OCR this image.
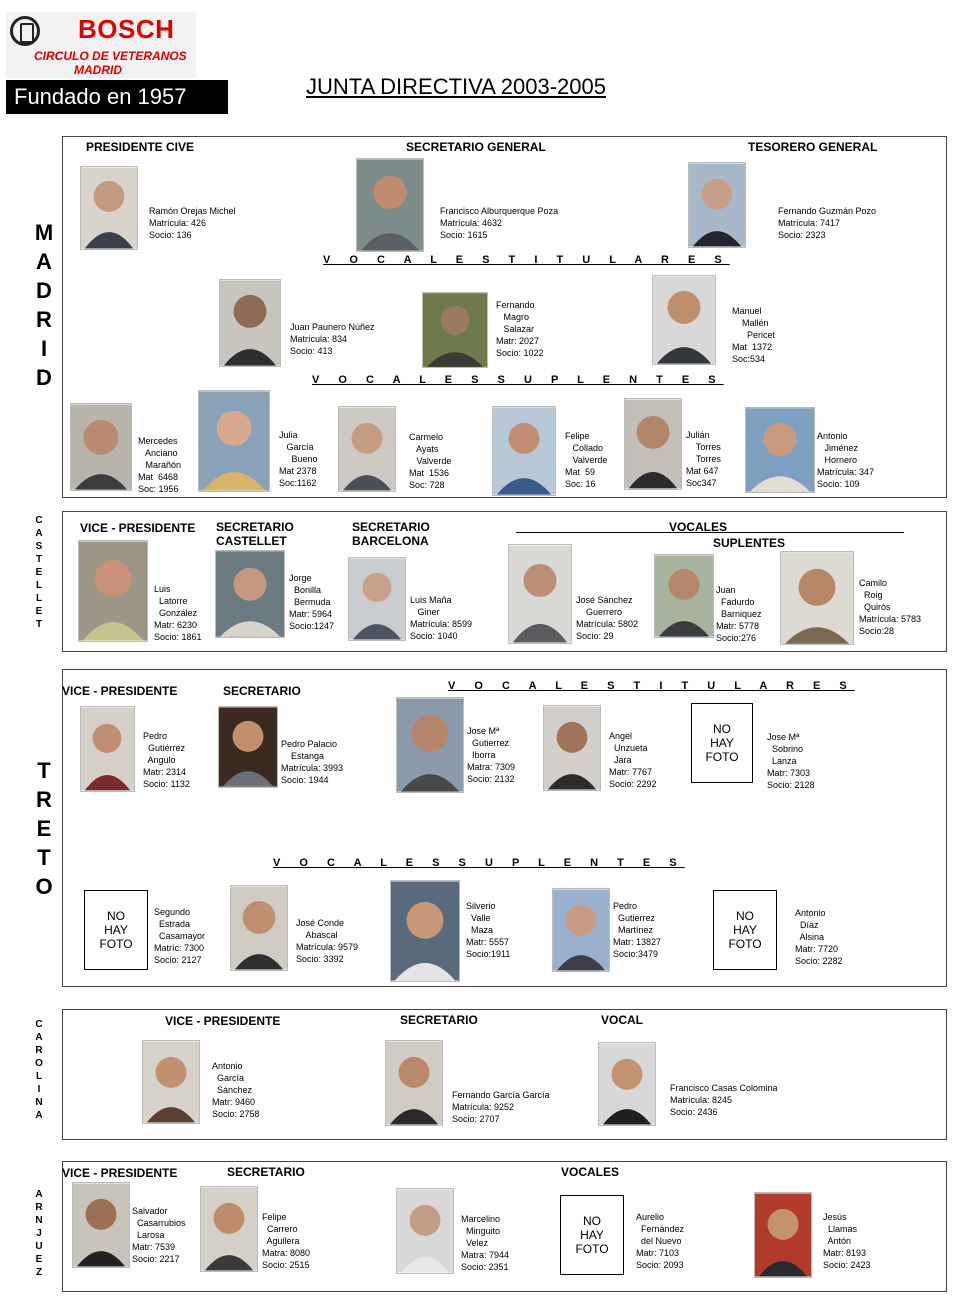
BOSCH
CIRCULO DE VETERANOS
MADRID
Fundado en 1957	JUNTA DIRECTIVA 2003-2005
M
A
D
R
I
D
PRESIDENTE CIVE	SECRETARIO GENERAL	TESORERO GENERAL
Ramón Orejas Michel
Matrícula: 426
Socio: 136
Francisco Alburquerque Poza
Matrícula: 4632
Socio: 1615
Fernando Guzmán Pozo
Matrícula: 7417
Socio: 2323
V O C A L E S T I T U L A R E S
Juan Paunero Núñez
Matrícula: 834
Socio: 413
Fernando
Magro
Salazar
Matr: 2027
Socio: 1022
Manuel
Mallén
Pericet
Mat  1372
Soc:534
V O C A L E S S U P L E N T E S
Mercedes
Anciano
Marañón
Mat  6468
Soc: 1956
Julia
García
Bueno
Mat 2378
Soc:1162
Carmelo
Ayats
Valverde
Mat  1536
Soc: 728
Felipe
Collado
Valverde
Mat  59
Soc: 16
Julián
Torres
Torres
Mat 647
Soc347
Antonio
Jiménez
Hornero
Matrícula: 347
Socio: 109
C
A
S
T
E
L
L
E
T
VICE - PRESIDENTE SECRETARIO
CASTELLET
SECRETARIO
BARCELONA
VOCALES
SUPLENTES
Luis
Latorre
González
Matr: 6230
Socio: 1861
Jorge
Bonilla
Bermuda
Matr: 5964
Socio:1247
Luis Maña
Giner
Matrícula: 8599
Socio: 1040
José Sánchez
Guerrero
Matrícula: 5802
Socio: 29
Juan
Fadurdo
Barniquez
Matr: 5778
Socio:276
Camilo
Roig
Quirós
Matrícula: 5783
Socio:28
T
R
E
T
O
VICE - PRESIDENTE	SECRETARIO	V O C A L E S T I T U L A R E S
Pedro
Gutiérrez
Angulo
Matr: 2314
Socio: 1132
Pedro Palacio
Estanga
Matrícula: 3993
Socio: 1944
Jose Mª
Gutierrez
Iborra
Matra: 7309
Socio: 2132
Angel
Unzueta
Jara
Matr: 7767
Socio: 2292
NO
HAY
FOTO
Jose Mª
Sobrino
Lanza
Matr: 7303
Socio: 2128
V O C A L E S S U P L E N T E S
NO
HAY
FOTO
Segundo
Estrada
Casamayor
Matríc: 7300
Socio: 2127
José Conde
Abascal
Matrícula: 9579
Socio: 3392
Silverio
Valle
Maza
Matr: 5557
Socio:1911
Pedro
Gutierrez
Martínez
Matr: 13827
Socio:3479
NO
HAY
FOTO
Antonio
Díaz
Alsina
Matr: 7720
Socio: 2282
C
A
R
O
L
I
N
A
VICE - PRESIDENTE	SECRETARIO	VOCAL
Antonio
García
Sánchez
Matr: 9460
Socio: 2758
Fernando García García
Matrícula: 9252
Socio: 2707
Francisco Casas Colomina
Matrícula: 8245
Socio: 2436
A
R
N
J
U
E
Z
VICE - PRESIDENTE	SECRETARIO	VOCALES
Salvador
Casarrubios
Larosa
Matr: 7539
Socio: 2217
Felipe
Carrero
Aguilera
Matra: 8080
Socio: 2515
Marcelino
Minguito
Velez
Matra: 7944
Socio: 2351
NO
HAY
FOTO
Aurelio
Fernández
del Nuevo
Matr: 7103
Socio: 2093
Jesús
Llamas
Antón
Matr: 8193
Socio: 2423
